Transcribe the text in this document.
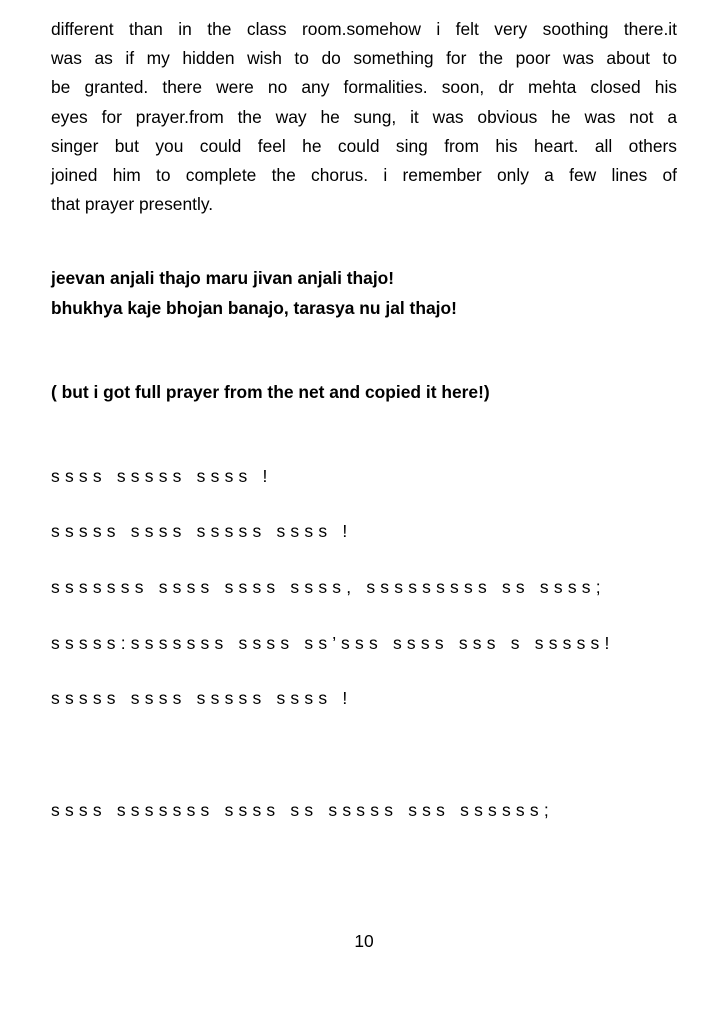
different than in the class room.somehow i felt very soothing there.it
was as if my hidden wish to do something for the poor was about to
be granted. there were no any formalities. soon, dr mehta closed his
eyes for prayer.from the way he sung, it was obvious he was not a
singer but you could feel he could sing from his heart. all others
joined him to complete the chorus. i remember only a few lines of
that prayer presently.
jeevan anjali thajo maru jivan anjali thajo!
bhukhya kaje bhojan banajo, tarasya nu jal thajo!
( but i got full prayer from the net and copied it here!)
ssss sssss ssss !
sssss ssss sssss ssss !
sssssss ssss ssss ssss, sssssssss ss ssss;
sssss:sssssss ssss ss’sss ssss sss s sssss!
sssss ssss sssss ssss !
ssss sssssss ssss ss sssss sss ssssss;
10
